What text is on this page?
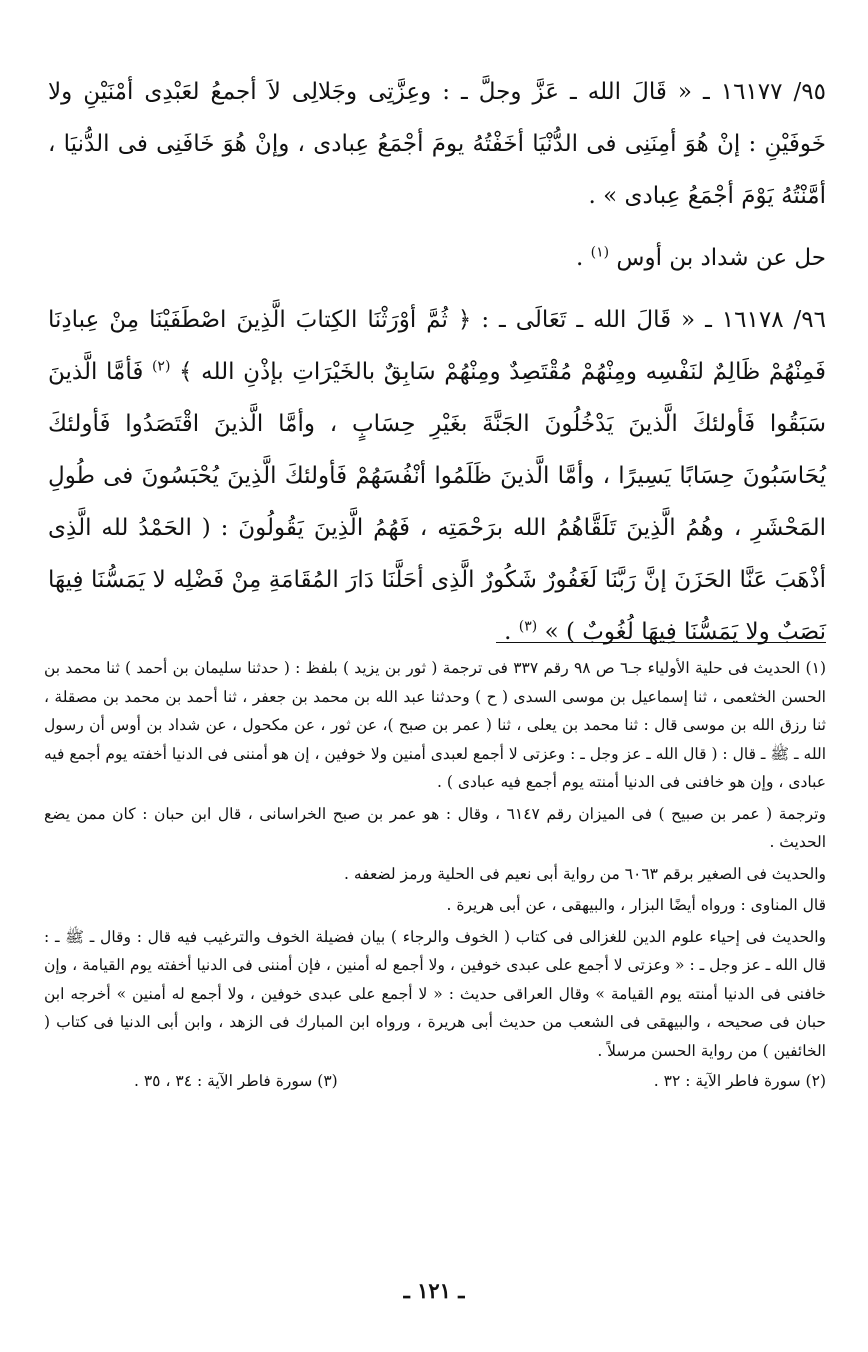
٩٥/ ١٦١٧٧ ـ « قَالَ الله ـ عَزَّ وجلَّ ـ : وعِزَّتِى وجَلالِى لاَ أجمعُ لعَبْدِى أمْنَيْنِ ولا خَوفَيْنِ : إنْ هُوَ أمِنَنِى فى الدُّنْيَا أخَفْتُهُ يومَ أجْمَعُ عِبادى ، وإنْ هُوَ خَافَنِى فى الدُّنيَا ، أمَّنْتُهُ يَوْمَ أجْمَعُ عِبادى » .

حل عن شداد بن أوس $^{(١)}$ .

٩٦/ ١٦١٧٨ ـ « قَالَ الله ـ تَعَالَى ـ : ﴿ ثُمَّ أوْرَثْنَا الكِتابَ الَّذِينَ اصْطَفَيْنَا مِنْ عِبادِنَا فَمِنْهُمْ ظَالِمٌ لنَفْسِه ومِنْهُمْ مُقْتَصِدٌ ومِنْهُمْ سَابِقٌ بالخَيْرَاتِ بإذْنِ الله ﴾ $^{(٢)}$ فَأمَّا الَّذينَ سَبَقُوا فَأولئكَ الَّذينَ يَدْخُلُونَ الجَنَّةَ بغَيْرِ حِسَابٍ ، وأمَّا الَّذينَ اقْتَصَدُوا فَأولئكَ يُحَاسَبُونَ حِسَابًا يَسِيرًا ، وأمَّا الَّذينَ ظَلَمُوا أنْفُسَهُمْ فَأولئكَ الَّذِينَ يُحْبَسُونَ فى طُولِ المَحْشَرِ ، وهُمُ الَّذِينَ تَلَقَّاهُمُ الله برَحْمَتِه ، فَهُمُ الَّذِينَ يَقُولُونَ : ( الحَمْدُ لله الَّذِى أذْهَبَ عَنَّا الحَزَنَ إنَّ رَبَّنَا لَغَفُورٌ شَكُورٌ الَّذِى أحَلَّنَا دَارَ المُقَامَةِ مِنْ فَضْلِه لا يَمَسُّنَا فِيهَا نَصَبٌ ولا يَمَسُّنَا فِيهَا لُغُوبٌ ) » $^{(٣)}$ .

(١) الحديث فى حلية الأولياء جـ٦ ص ٩٨ رقم ٣٣٧ فى ترجمة ( ثور بن يزيد ) بلفظ : ( حدثنا سليمان بن أحمد ) ثنا محمد بن الحسن الخثعمى ، ثنا إسماعيل بن موسى السدى ( ح ) وحدثنا عبد الله بن محمد بن جعفر ، ثنا أحمد بن محمد بن مصقلة ، ثنا رزق الله بن موسى قال : ثنا محمد بن يعلى ، ثنا ( عمر بن صبح )، عن ثور ، عن مكحول ، عن شداد بن أوس أن رسول الله ـ ﷺ ـ قال : ( قال الله ـ عز وجل ـ : وعزتى لا أجمع لعبدى أمنين ولا خوفين ، إن هو أمننى فى الدنيا أخفته يوم أجمع فيه عبادى ، وإن هو خافنى فى الدنيا أمنته يوم أجمع فيه عبادى ) .

وترجمة ( عمر بن صبيح ) فى الميزان رقم ٦١٤٧ ، وقال : هو عمر بن صبح الخراسانى ، قال ابن حبان : كان ممن يضع الحديث .

والحديث فى الصغير برقم ٦٠٦٣ من رواية أبى نعيم فى الحلية ورمز لضعفه .

قال المناوى : ورواه أيضًا البزار ، والبيهقى ، عن أبى هريرة .

والحديث فى إحياء علوم الدين للغزالى فى كتاب ( الخوف والرجاء ) بيان فضيلة الخوف والترغيب فيه قال : وقال ـ ﷺ ـ : قال الله ـ عز وجل ـ : « وعزتى لا أجمع على عبدى خوفين ، ولا أجمع له أمنين ، فإن أمننى فى الدنيا أخفته يوم القيامة ، وإن خافنى فى الدنيا أمنته يوم القيامة » وقال العراقى حديث : « لا أجمع على عبدى خوفين ، ولا أجمع له أمنين » أخرجه ابن حبان فى صحيحه ، والبيهقى فى الشعب من حديث أبى هريرة ، ورواه ابن المبارك فى الزهد ، وابن أبى الدنيا فى كتاب ( الخائفين ) من رواية الحسن مرسلاً .

(٢) سورة فاطر الآية : ٣٢ .
(٣) سورة فاطر الآية : ٣٤ ، ٣٥ .
ـ ١٢١ ـ
